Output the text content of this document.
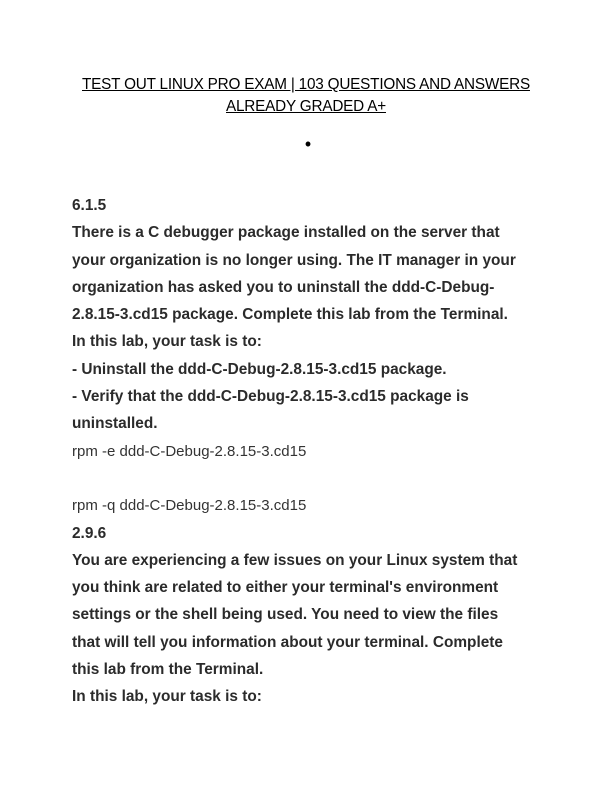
TEST OUT LINUX PRO EXAM | 103 QUESTIONS AND ANSWERS
ALREADY GRADED A+
•
6.1.5
There is a C debugger package installed on the server that
your organization is no longer using. The IT manager in your
organization has asked you to uninstall the ddd-C-Debug-
2.8.15-3.cd15 package. Complete this lab from the Terminal.
In this lab, your task is to:
- Uninstall the ddd-C-Debug-2.8.15-3.cd15 package.
- Verify that the ddd-C-Debug-2.8.15-3.cd15 package is
uninstalled.
rpm -e ddd-C-Debug-2.8.15-3.cd15
rpm -q ddd-C-Debug-2.8.15-3.cd15
2.9.6
You are experiencing a few issues on your Linux system that
you think are related to either your terminal's environment
settings or the shell being used. You need to view the files
that will tell you information about your terminal. Complete
this lab from the Terminal.
In this lab, your task is to:
